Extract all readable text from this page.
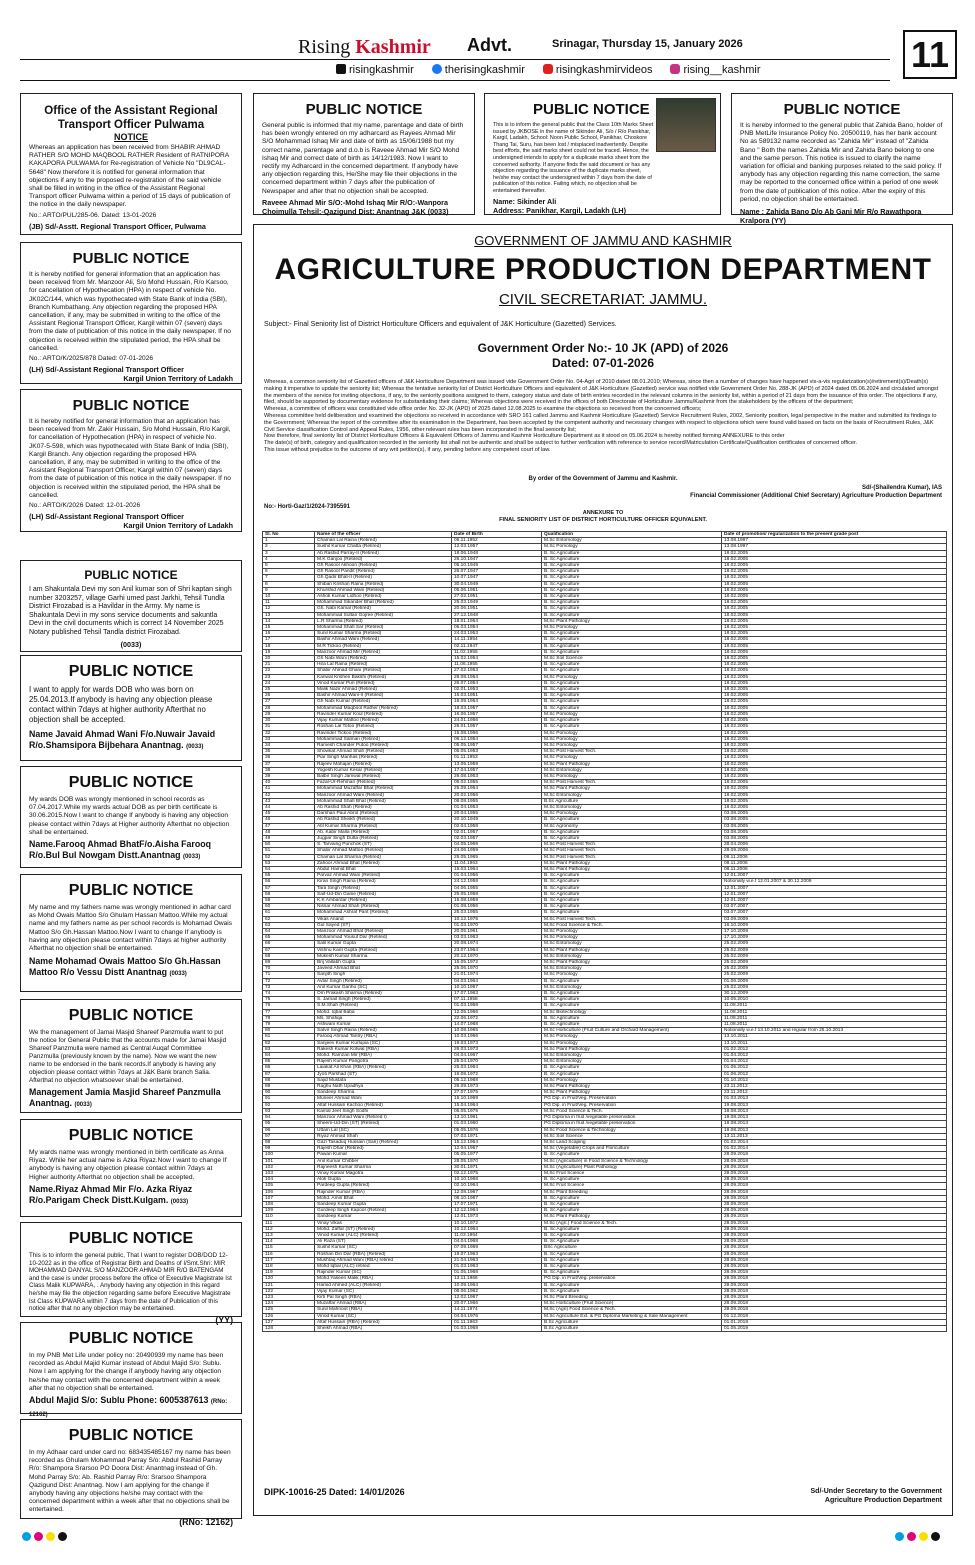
Rising Kashmir Advt.	Srinagar, Thursday 15, January 2026	11
risingkashmir	therisingkashmir	risingkashmirvideos	rising__kashmir
Office of the Assistant Regional Transport Officer Pulwama
NOTICE

Whereas an application has been received from SHABIR AHMAD RATHER S/O MOHD MAQBOOL RATHER Resident of RATNIPORA KAKAPORA PULWAMA for Re-registration of Vehicle No "DL9CAL-5648" Now therefore it is notified for general information that objections if any to the proposed re-registration of the said vehicle shall be filled in writing in the office of the Assistant Regional Transport officer Pulwama within a period of 15 days of publication of the notice in the daily newspaper.

No.: ARTO/PUL/285-06. Dated: 13-01-2026

(JB) Sd/-Asstt. Regional Transport Officer, Pulwama
PUBLIC NOTICE

General public is informed that my name, parentage and date of birth has been wrongly entered on my adharcard as Rayees Ahmad Mir S/O Mohammad Ishaq Mir and date of birth as 15/06/1988 but my correct name, parentage and d.o.b is Raveee Ahmad Mir S/O Mohd Ishaq Mir and correct date of birth as 14/12/1983. Now I want to rectify my Adharcard in the concerned department. If anybody have any objection regarding this, He/She may file their objections in the concerned department within 7 days after the publication of Newspaper and after that no objection shall be accepted.

Raveee Ahmad Mir S/O:-Mohd Ishaq Mir R/O:-Wanpora Choimulla Tehsil:-Qazigund Dist: Anantnag J&K (0033)
PUBLIC NOTICE

This is to inform the general public that the Class 10th Marks Sheet issued by JKBOSE in the name of Sikinder Ali, S/o / R/o Panikhar, Kargil, Ladakh, School: Noon Public School, Panikhar, Choskore Thang Tai, Suru, has been lost / misplaced inadvertently. Despite best efforts, the said marks sheet could not be traced. Hence, the undersigned intends to apply for a duplicate marks sheet from the concerned authority. If anyone finds the said document or has any objection regarding the issuance of the duplicate marks sheet, he/she may contact the undersigned within 7 days from the date of publication of this notice. Failing which, no objection shall be entertained thereafter.

Name: Sikinder Ali
Address: Panikhar, Kargil, Ladakh (LH)
PUBLIC NOTICE

It is hereby informed to the general public that Zahida Bano, holder of PNB MetLife Insurance Policy No. 20500119, has her bank account No as 589132 name recorded as "Zahida Mir" instead of "Zahida Bano " Both the names Zahida Mir and Zahida Bano belong to one and the same person. This notice is issued to clarify the name variation for official and banking purposes related to the said policy. If anybody has any objection regarding this name correction, the same may be reported to the concerned office within a period of one week from the date of publication of this notice. After the expiry of this period, no objection shall be entertained.

Name : Zahida Bano D/o Ab Gani Mir R/o Rawathpora Kralpora (YY)
PUBLIC NOTICE

It is hereby notified for general information that an application has been received from Mr. Manzoor Ali, S/o Mohd Hussain, R/o Karsoo, for cancellation of Hypothecation (HPA) in respect of vehicle No. JK02C/144, which was hypothecated with State Bank of India (SBI), Branch Kumbathang. Any objection regarding the proposed HPA cancellation, if any, may be submitted in writing to the office of the Assistant Regional Transport Officer, Kargil within 07 (seven) days from the date of publication of this notice in the daily newspaper. If no objection is received within the stipulated period, the HPA shall be cancelled.

No.: ARTO/K/2025/878 Dated: 07-01-2026

(LH) Sd/-Assistant Regional Transport Officer
Kargil Union Territory of Ladakh
PUBLIC NOTICE

It is hereby notified for general information that an application has been received from Mr. Zakir Hussain, S/o Mohd Hussain, R/o Kargil, for cancellation of Hypothecation (HPA) in respect of vehicle No. JK07-5-598, which was hypothecated with State Bank of India (SBI), Kargil Branch. Any objection regarding the proposed HPA cancellation, if any, may be submitted in writing to the office of the Assistant Regional Transport Officer, Kargil within 07 (seven) days from the date of publication of this notice in the daily newspaper. If no objection is received within the stipulated period, the HPA shall be cancelled.

No.: ARTO/K/2026 Dated: 12-01-2026

(LH) Sd/-Assistant Regional Transport Officer
Kargil Union Territory of Ladakh
PUBLIC NOTICE

I am Shakuntala Devi my son Anil kumar son of Shri kaptan singh number 3203257, village Garhi umed past Jarkhi, Tehsil Tundla District Firozabad is a Havildar in the Army. My name is Shakuntala Devi in my sons service documents and sakuntla Devi in the civil documents which is correct 14 November 2025 Notary published Tehsil Tandla district Firozabad.

(0033)
PUBLIC NOTICE

I want to apply for wards DOB who was born on 25.04.2013.If anybody is having any objection please contact within 7days at higher authority Afterthat no objection shall be accepted.

Name Javaid Ahmad Wani F/o.Nuwair Javaid R/o.Shamsipora Bijbehara Anantnag. (0033)
PUBLIC NOTICE

My wards DOB was wrongly mentioned in school records as 07.04.2017.While my wards actual DOB as per birth certificate is 30.06.2015.Now I want to change If anybody is having any objection please contact within 7days at Higher authority Afterthat no objection shall be entertained.

Name.Farooq Ahmad BhatF/o.Aisha Farooq R/o.Bul Bul Nowgam Distt.Anantnag (0033)
PUBLIC NOTICE

My name and my fathers name was wrongly mentioned in adhar card as Mohd Owais Mattoo S/o Ghulam Hassan Mattoo.While my actual name and my fathers name as per school records is Mohamad Owais Mattoo S/o Gh.Hassan Mattoo.Now I want to change If anybody is having any objection please contact within 7days at higher authority Afterthat no objection shall be entertained.

Name Mohamad Owais Mattoo S/o Gh.Hassan Mattoo R/o Vessu Distt Anantnag (0033)
PUBLIC NOTICE

We the management of Jamai Masjid Shareef Panzmulla want to put the notice for General Public that the accounts made for Jamai Masjid Shareef Panzmulla were named as Central Auqaf Committee Panzmulla (previously known by the name). Now we want the new name to be endorsed in the bank records.If anybody is having any objection please contact within 7days at J&K Bank branch Salia. Afterthat no objection whatsoever shall be entertained.

Management Jamia Masjid Shareef Panzmulla Anantnag. (0033)
PUBLIC NOTICE

My wards name was wrongly mentioned in birth certificate as Anna Riyaz. While her actual name is Azka Riyaz.Now I want to change If anybody is having any objection please contact within 7days at Higher authority Afterthat no objection shall be accepted.

Name.Riyaz Ahmad Mir F/o. Azka Riyaz R/o.Parigam Check Distt.Kulgam. (0033)
PUBLIC NOTICE

This is to inform the general public, That I want to register DOB/DOD 12-10-2022 as in the office of Registrar Birth and Deaths of I/Smt.Shri: MIR MOHAMMAD DANYAL S/O MANZOOR AHMAD MIR R/O BATENGAM and the case is under process before the office of Executive Magistrate Ist Class Malik KUPWARA, . Anybody having any objection in this regard he/she may file the objection regarding same before Executive Magistrate Ist Class KUPWARA within 7 days from the date of Publication of this notice after that no any objection may be entertained.

(YY)
PUBLIC NOTICE

In my PNB Met Life under policy no: 20490939 my name has been recorded as Abdul Majid Kumar instead of Abdul Majid S/o: Sublu. Now I am applying for the change if anybody having any objection he/she may contact with the concerned department within a week after that no objection shall be entertained.

Abdul Majid S/o: Sublu Phone: 6005387613 (RNo: 12162)
PUBLIC NOTICE

In my Adhaar card under card no: 683435485167 my name has been recorded as Ghulam Mohammad Parray S/o: Abdul Rashid Parray R/o: Shampora Srarsoo PO Doora Dist: Anantnag instead of Gh. Mohd Parray S/o: Ab. Rashid Parray R/o: Srarsoo Shampora Qazigund Dist: Anantnag. Now I am applying for the change if anybody having any objections he/she may contact with the concerned department within a week after that no objections shall be entertained.

(RNo: 12162)
GOVERNMENT OF JAMMU AND KASHMIR
AGRICULTURE PRODUCTION DEPARTMENT
CIVIL SECRETARIAT: JAMMU.
Subject:- Final Seniority list of District Horticulture Officers and equivalent of J&K Horticulture (Gazetted) Services.
Government Order No:- 10 JK (APD) of 2026
Dated: 07-01-2026

Whereas, a common seniority list of Gazetted officers of J&K Horticulture Department was issued vide Government Order No. 04-Agri of 2010 dated 08.01.2010; Whereas, since then a number of changes have happened vis-a-vis regularization(s)/retirement(s)/Death(s) making it imperative to update the seniority list; Whereas the tentative seniority list of District Horticulture Officers and equivalent of J&K Horticulture (Gazetted) service was notified vide Government Order No. 288-JK (APD) of 2024 dated 05.06.2024 and circulated amongst the members of the service for inviting objections, if any, to the seniority positions assigned to them, category status and date of birth entries recorded in the relevant columns in the seniority list, within a period of 21 days from the issuance of this order. The objections if any, filed, should be supported by documentary evidence for substantiating their claims; Whereas objections were received in the offices of both Directorate of Horticulture Jammu/Kashmir from the stakeholders by the officers of the department;

Whereas, a committee of officers was constituted vide office order No. 32-JK (APD) of 2025 dated 12.08.2025 to examine the objections so received from the concerned officers;

Whereas committee held deliberation and examined the objections so received in accordance with SRO 161 called Jammu and Kashmir Horticulture (Gazetted) Service Recruitment Rules, 2002, Seniority position, legal perspective in the matter and submitted its findings to the Government; Whereas the report of the committee after its examination in the Department, has been accepted by the competent authority and necessary changes with respect to objections which were found valid based on facts on the basis of Recruitment Rules, J&K Civil Service classification Control and Appeal Rules, 1956, other relevant rules has been incorporated in the final seniority list;

Now therefore, final seniority list of District Horticulture Officers & Equivalent Officers of Jammu and Kashmir Horticulture Department as it stood on 05.06.2024 is hereby notified forming ANNEXURE to this order

The date(s) of birth, category and qualification recorded in the seniority list shall not be authentic and shall be subject to further verification with reference to service record/Matriculation Certificate/Qualification certificates of concerned officer.

This issue without prejudice to the outcome of any writ petition(s), if any, pending before any competent court of law.

By order of the Government of Jammu and Kashmir.
Sd/-(Shailendra Kumar), IAS
Financial Commissioner (Additional Chief Secretary) Agriculture Production Department
No:- Horti-Gaz/1/2024-7395591
ANNEXURE TO
FINAL SENIORITY LIST OF DISTRICT HORTICULTURE OFFICER EQUIVALENT.
Sl. No	Name of the officer	Date of Birth	Qualification	Date of promotion/ regularization to the present grade post
1	Chaman Lal Raina (Retired)	05.11.1952	M.Sc Entomology	13.08.1997
2	Sushil Kumar Chatta (Retired)	12.03.1957	M.Sc Pomology	13.08.1997
3	Ab Rashid Parray-II (Retired)	18.06.1948	B. Sc Agriculture	18.02.2005
4	M.K Ganjoo (Retired)	26.10.1947	B. Sc Agriculture	18.02.2005
5	Gh Rasool Akhoon (Retired)	05.10.1949	B. Sc Agriculture	18.02.2005
6	Gh Rasool Pandit (Retired)	26.07.1947	B. Sc Agriculture	18.02.2005
7	Gh Qadir Bhat-II (Retired)	10.07.1947	B. Sc Agriculture	18.02.2005
8	Shiban Krishan Raina (Retired)	30.04.1949	B. Sc Agriculture	18.02.2005
9	Khurshid Ahmad Wani (Retired)	05.06.1951	B. Sc Agriculture	18.02.2005
10	Ashok Kumar Lidhoo (Retired)	27.02.1951	B. Sc Agriculture	18.02.2005
11	Mohammad Sikander Bhat (Retired)	25.03.1949	B. Sc Agriculture	18.02.2005
12	Gh. Nabi Kamal (Retired)	20.06.1951	B. Sc Agriculture	18.02.2005
13	Mohammad Sultan Gojree (Retired)	27.12.1948	B. Sc Agriculture	18.02.2005
14	L.R Sharma (Retired)	18.01.1954	M.Sc Plant Pathology	18.02.2005
15	Mohammad Shafi Sar (Retired)	05.03.1954	M.Sc Pomology	18.02.2005
16	Sunil Kumar Sharma (Retired)	24.03.1953	B. Sc Agriculture	18.02.2005
17	Bashir Ahmad Wani (Retired)	14.11.1954	B. Sc Agriculture	18.02.2005
18	M.R Tickoo (Retired)	02.11.1947	B. Sc Agriculture	18.02.2005
19	Manzoor Ahmad Mir (Retired)	11.02.1955	B. Sc Agriculture	18.02.2005
20	Gh Nabi Wani (Retired)	15.02.1954	M.Sc Soil Science	18.02.2005
21	Hira Lal Raina (Retired)	11.06.1955	B. Sc Agriculture	18.02.2005
22	Shabir Ahmad Ghani (Retired)	27.02.1953	B. Sc Agriculture	18.02.2005
23	Kanwal Krishen Bakshi (Retired)	28.08.1954	M.Sc Pomology	18.02.2005
24	Vinod Kumar Puri (Retired)	26.07.1954	B. Sc Agriculture	18.02.2005
25	Malik Nazir Ahmad (Retired)	02.01.1953	B. Sc Agriculture	18.02.2005
26	Bashir Ahmad Wani-II (Retired)	15.03.1951	B. Sc Agriculture	18.02.2005
27	Gh Nabi Kumar (Retired)	16.09.1954	B. Sc Agriculture	18.02.2005
28	Mohammad Maqbool Rather (Retired)	18.03.1957	B. Sc Agriculture	18.02.2005
29	Ravinder Kumar Koul (Retired)	16.06.1957	M.Sc Pomology	18.02.2005
30	Vijay Kumar Mattoo (Retired)	24.01.1956	B. Sc Agriculture	18.02.2005
31	Roshan Lal Totoo (Retired)	26.01.1957	B. Sc Agriculture	18.02.2005
32	Ravinder Tickoo (Retired)	15.08.1956	M.Sc Pomology	18.02.2005
33	Mohammad Salman (Retired)	06.12.1954	M.Sc Pomology	18.02.2005
34	Ramesh Chander Putoo (Retired)	05.05.1957	M.Sc Pomology	18.02.2005
35	Showkat Ahmad Shah (Retired)	05.05.1953	M.Sc Post Harvest Tech.	18.02.2005
36	Piar Singh Manhas (Retired)	01.11.1953	M.Sc Pomology	18.02.2005
37	Rajeev Mahajan (Retired)	13.05.1959	M.Sc Plant Pathology	18.02.2005
38	Yogesh Kumar Kesar (Retired)	17.04.1957	M.Sc Entomology	18.02.2005
39	Balbir Singh Jamwal (Retired)	26.08.1953	M.Sc Pomology	18.02.2005
40	Fazal-Ur-Rehman (Retired)	05.02.1955	M.Sc Post Harvest Tech.	18.02.2005
41	Mohammad Muzaffar Bhat (Retired)	25.09.1954	M.Sc Plant Pathology	18.02.2005
42	Manzoor Ahmad Wani (Retired)	20.02.1956	M.Sc Entomology	18.02.2005
43	Mohammad Shafi Bhat (Retired)	08.08.1955	B.Sc Agriculture	18.02.2005
44	Ab Rashid Shah (Retired)	01.04.1953	M.Sc Entomology	18.02.2005
45	Darshan Paul Abrol (Retired)	20.04.1955	M.Sc Pomology	03.08.2005
46	Ab Rashid Sheikh (Retired)	20.10.1949	B. Sc Agriculture	03.08.2005
47	Atil Kumar Sharma (Retired)	02.04.1958	M.Sc Agronomy	03.08.2005
48	Ab. Kabir Malla (Retired)	02.01.1957	B. Sc Agriculture	03.08.2005
49	Jugpar Singh Dutta (Retired)	02.03.1957	B. Sc Agriculture	03.08.2005
50	S. Tarvaing Punchok (ST)	04.05.1969	M.Sc Post Harvest Tech.	28.04.2006
51	Shabir Ahmad Mattoo (Retired)	24.06.1959	M.Sc Post Harvest Tech.	28.09.2006
52	Chaman Lal Sharma (Retired)	25.05.1965	M.Sc Post Harvest Tech.	08.11.2006
53	Zahoor Ahmad Bhat (Retired)	11.04.1963	M.Sc Plant Pathology	08.11.2006
54	Abdul Hamid Bhat	15.03.1964	M.Sc Plant Pathology	08.11.2006
55	Parvaz Ahmad Wani (Retired)	01.04.1956	B. Sc Agriculture	12.01.2007
56	Kiran Singh Raina (Retired)	24.12.1958	B. Sc Agriculture	Notionally w.e.f 12.01.2007 & 30.12.2009
57	Tara Singh (Retired)	04.06.1955	B. Sc Agriculture	12.01.2007
58	Saif-Ud-Din Ganie (Retired)	25.05.1958	B. Sc Agriculture	12.01.2007
59	K.K Ambardar (Retired)	15.08.1959	B. Sc Agriculture	12.01.2007
60	Nissar Ahmad Shah (Retired)	01.08.1956	B. Sc Agriculture	03.07.2007
61	Mohammad Ashraf Pant (Retired)	25.03.1955	B. Sc Agriculture	03.07.2007
62	Vikas Anand	10.12.1975	M.Sc Post Harvest Tech.	03.09.2009
63	Gul Sayed (ST)	01.03.1970	M.Sc Food Science & Tech.	16.10.2009
64	Manzoor Ahmad Bhat (Retired)	20.05.1961	M.Sc Pomology	17.10.2009
65	Mohammad Yousuf Dar (Retired)	03.03.1963	M.Sc Pomology	17.10.2009
66	Salil Kumar Gupta	20.08.1974	M.Sc Entomology	25.02.2009
67	Vishnu Kant Gupta (Retired)	23.07.1964	M.Sc Plant Pathology	25.02.2009
68	Mukesh Kumar Sharma	20.12.1970	M.Sc Entomology	25.02.2009
69	Brij Vallabh Gupta	15.05.1972	M.Sc Plant Pathology	25.02.2009
70	Javeed Ahmad Bhat	25.06.1970	M.Sc Entomology	25.02.2009
71	Sanjith Singh	21.01.1974	M.Sc Pomology	25.02.2009
72	Avtar Singh (Retired)	04.03.1964	B. Sc Agriculture	01.06.2009
73	Anil Kumar Ganhu (SC)	10.10.1967	M.Sc Entomology	25.02.2009
74	Om Prakash Sharma (Retired)	17.07.1963	B. Sc Agriculture	30.12.2009
75	S. Jarnail Singh (Retired)	07.11.1958	B. Sc Agriculture	10.05.2010
76	S.M.Shah (Retired)	01.03.1958	B. Sc Agriculture	11.08.2011
77	Mohd. Iqbal Baba	12.05.1966	M.Sc Biotechnology	11.08.2011
78	Ms. Shafiqa	22.06.1972	B. Sc Agriculture	11.08.2011
79	Ashwani Kumar	14.07.1968	B. Sc Agriculture	11.08.2011
80	Satvir Singh Raina (Retired)	10.08.1965	M.Sc Horticulture (Fruit Culture and Orchard Management)	Notionally w.e.f 13.10.2011 and regular from 25.10.2013
81	Farooq Ahmad Tantry (RBA)	10.03.1966	M.Sc Pomology	13.10.2011
82	Sanjeev Kumar Kurlupia (SC)	19.03.1973	M.Sc Pomology	13.10.2011
83	Rakesh Kumar Kotwal (RBA)	26.03.1973	M.Sc Plant Pathology	01.02.2012
84	Mohd. Ramzan Mir (RBA)	04.04.1967	M.Sc Entomology	01.04.2012
85	Rajesh Kumar Pangotra	25.04.1970	M.Sc Entomology	01.04.2012
86	Laiakat Ali Khan (RBA) (Retired)	25.03.1964	B. Sc Agriculture	01.05.2012
87	Jyoti Parshad (ST)	16.08.1972	B. Sc Agriculture	01.06.2012
88	Sajid Mustafa	05.12.1968	M.Sc Pomology	01.10.2012
89	Raghu Nath Upadhya	26.09.1973	M.Sc Plant Pathology	23.11.2012
90	Sandeep Sharma	27.07.1975	M.Sc Plant Pathology	23.11.2012
91	Muneer Ahmad Wani	15.10.1969	PG Dip. in Fruit/Veg. Preservation	01.03.2013
92	Altaf Hussain Kachoo (Retired)	15.04.1964	PG Dip. in Fruit/Veg. Preservation	19.08.2013
93	Kamal Jeet Singh Sodhi	05.05.1975	M.Sc Food Science & Tech.	19.08.2013
94	Manzoor Ahmad Wani (Retired I)	13.10.1961	PG Diploma in fruit /vegetable preservation	19.08.2013
95	Sheem-Ud-Din (ST) (Retired)	01.03.1960	PG Diploma in fruit /vegetable preservation	19.08.2013
96	Uttam Lal (SC)	05.05.1976	M.Sc Food Science & Technology	19.08.2013
97	Riyaz Ahmad Shah	07.03.1971	M.Sc Soil Science	13.11.2013
98	Gazi Tasaduq Hussain (Sari) (Retired)	15.12.1964	M.Sc Land Scaping	01.02.2014
99	Rajesh Dhar (Retired)	12.04.1967	M.Sc (Vegetable) Crops and Floriculture	01.02.2014
100	Pawan Kumar	05.05.1977	B. Sc Agriculture	28.09.2018
101	Anil Kumar Chibber	28.05.1970	M.Sc (Agriculture) in Food Science & Technology	28.09.2018
102	Rajneesh Kumar Sharma	30.01.1971	M.Sc (Agriculture) Plant Pathology	28.09.2018
103	Vinay Kumar Magotra	02.12.1975	M.Sc Fruit Science	28.09.2018
104	Alok Gupta	10.10.1968	B. Sc Agriculture	28.09.2018
105	Pardeep Gupta (Retired)	02.10.1964	M.Sc Fruit Science	28.09.2018
106	Rajinder Kumar (RBA)	12.08.1967	M.Sc Plant Breeding	28.09.2018
107	Mohd. Amin Bhat	08.10.1967	B. Sc Agriculture	28.09.2018
108	Sandeep Kumar Gupta	17.07.1971	B. Sc Agriculture	28.09.2018
109	Gurdeep Singh Kapoor (Retired)	12.12.1964	B. Sc Agriculture	28.09.2018
110	Sandeep Kumar	12.01.1973	M.Sc Plant Pathology	28.09.2018
111	Vinay Vikas	10.10.1972	M.Sc (Agri.) Food Science & Tech.	28.09.2018
112	Mohd. Zaffar (ST) (Retired)	10.12.1964	B. Sc Agriculture	28.09.2018
113	Vinod Kumar (ALC) (Retired)	11.03.1964	B. Sc Agriculture	28.09.2018
114	Ali Raza (ST)	04.04.1968	B. Sc Agriculture	28.09.2018
115	Sushil Kumar (SC)	07.09.1969	BSc Agriculture	28.09.2018
116	Roshan Din Dar (RBA) (Retired)	19.07.1963	B. Sc Agriculture	28.09.2018
117	Mushtaq Ahmad Wani (RBA) retired	21.04.1963	B. Sc Agriculture	28.09.2018
118	Mohd Iqbal (ALC) retired	01.03.1963	B. Sc Agriculture	28.09.2018
119	Rajinder Kumar (SC)	01.05.1968	B. Sc Agriculture	28.09.2018
120	Mohd Yaseen Malik (RBA)	13.11.1966	PG Dip. in Fruit/Veg. preservation	28.09.2018
121	Hamid Ahmed (ALC) (Retired)	10.09.1964	B. Sc Agriculture	28.09.2018
122	Vijay Kumar (SC)	08.06.1962	B. Sc Agriculture	28.09.2018
123	Kirti Pal Singh (RBA)	12.02.1967	M.Sc Plant Breeding	28.09.2018
124	Muzaffar Ahmad (RBA)	20.07.1966	M.Sc Horticulture (Fruit Science)	28.09.2018
125	Sunil Mahnoot (RBA)	14.11.1974	M.Sc (Agri) Food Science & Tech.	28.09.2018
126	Vinod Kumar (SC)	04.04.1976	M.Sc Agriculture Ext. & PG Diploma Marketing & Sale Management	01.12.2018
127	Altaf Hussain (RBA) (Retired)	01.11.1963	B.Sc Agriculture	01.01.2019
128	Sheikh Ahmad (RBA)	01.03.1968	B.Sc Agriculture	01.05.2019
DIPK-10016-25 Dated: 14/01/2026	Sd/-Under Secretary to the Government
Agriculture Production Department
